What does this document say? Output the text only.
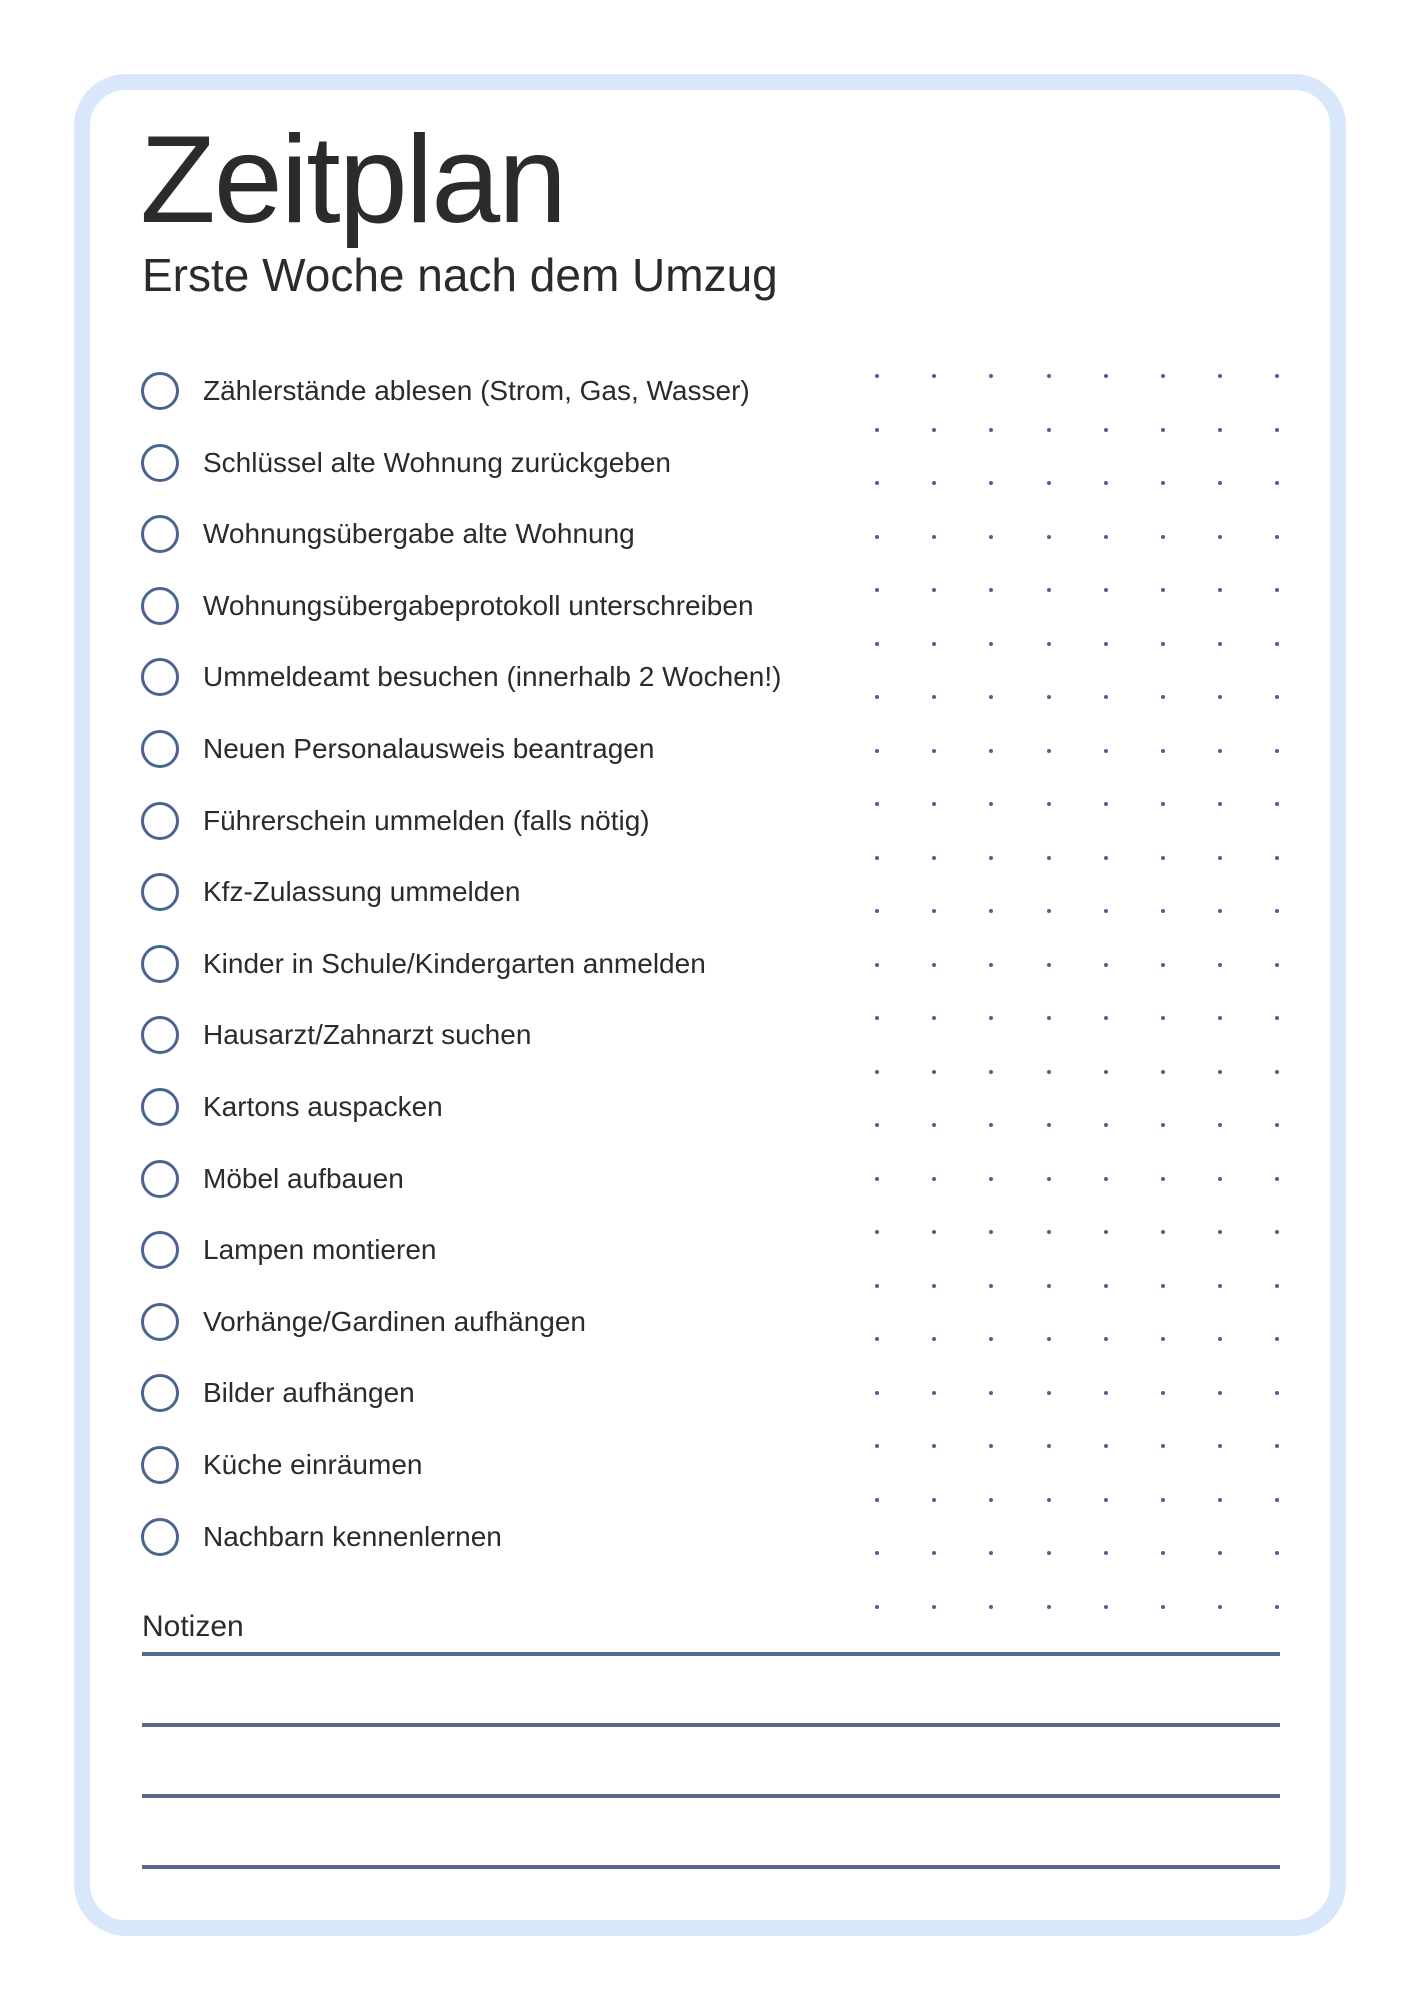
Zeitplan
Erste Woche nach dem Umzug
Zählerstände ablesen (Strom, Gas, Wasser)
Schlüssel alte Wohnung zurückgeben
Wohnungsübergabe alte Wohnung
Wohnungsübergabeprotokoll unterschreiben
Ummeldeamt besuchen (innerhalb 2 Wochen!)
Neuen Personalausweis beantragen
Führerschein ummelden (falls nötig)
Kfz-Zulassung ummelden
Kinder in Schule/Kindergarten anmelden
Hausarzt/Zahnarzt suchen
Kartons auspacken
Möbel aufbauen
Lampen montieren
Vorhänge/Gardinen aufhängen
Bilder aufhängen
Küche einräumen
Nachbarn kennenlernen
Notizen
